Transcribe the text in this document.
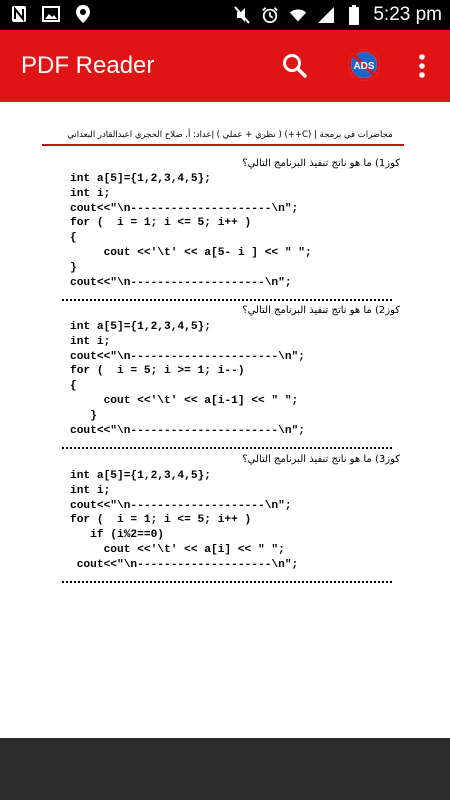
5:23 pm
PDF Reader	ADS
محاضرات في برمجة | (C++) ( نظري + عملي ) إعداد: أ. صلاح الحجري اعبدالقادر البعداني
كوز1) ما هو ناتج تنفيذ البرنامج التالي؟
int a[5]={1,2,3,4,5};
int i;
cout<<"\n---------------------\n";
for (  i = 1; i <= 5; i++ )
{
cout <<'\t' << a[5- i ] << " ";
}
cout<<"\n--------------------\n";
كوز2) ما هو ناتج تنفيذ البرنامج التالي؟
int a[5]={1,2,3,4,5};
int i;
cout<<"\n----------------------\n";
for (  i = 5; i >= 1; i--)
{
cout <<'\t' << a[i-1] << " ";
}
cout<<"\n----------------------\n";
كوز3) ما هو ناتج تنفيذ البرنامج التالي؟
int a[5]={1,2,3,4,5};
int i;
cout<<"\n--------------------\n";
for (  i = 1; i <= 5; i++ )
if (i%2==0)
cout <<'\t' << a[i] << " ";
cout<<"\n--------------------\n";
